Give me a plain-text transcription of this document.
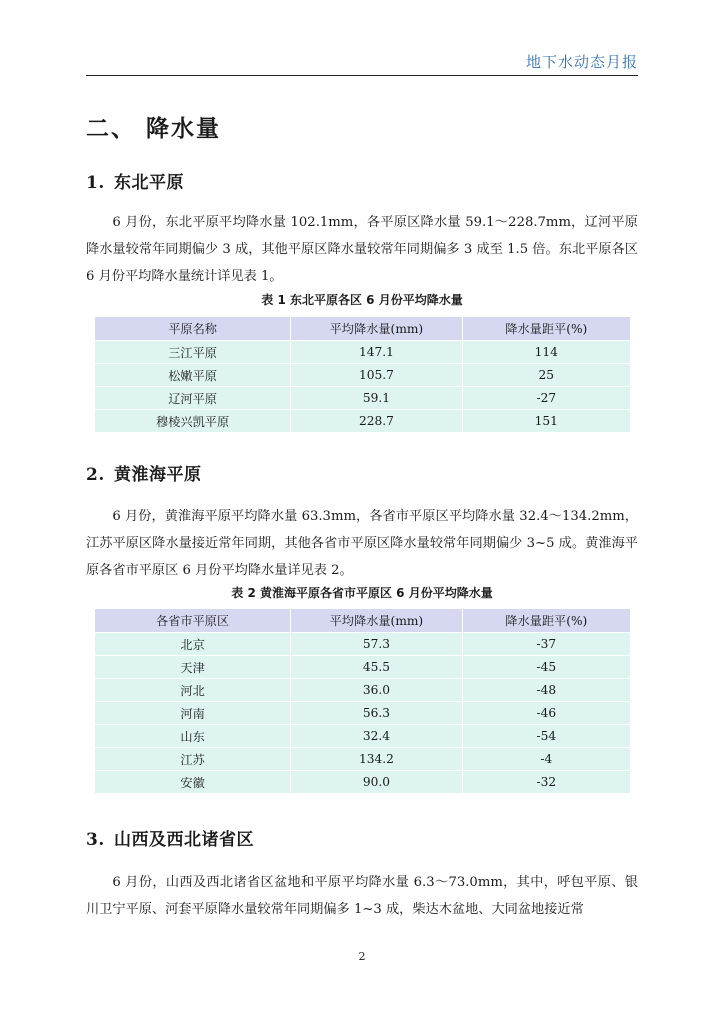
地下水动态月报
二、 降水量
1. 东北平原
6 月份，东北平原平均降水量 102.1mm，各平原区降水量 59.1～228.7mm，辽河平原降水量较常年同期偏少 3 成，其他平原区降水量较常年同期偏多 3 成至 1.5 倍。东北平原各区 6 月份平均降水量统计详见表 1。
表 1 东北平原各区 6 月份平均降水量
平原名称	平均降水量(mm)	降水量距平(%)
三江平原	147.1	114
松嫩平原	105.7	25
辽河平原	59.1	-27
穆棱兴凯平原	228.7	151
2. 黄淮海平原
6 月份，黄淮海平原平均降水量 63.3mm，各省市平原区平均降水量 32.4～134.2mm，江苏平原区降水量接近常年同期，其他各省市平原区降水量较常年同期偏少 3~5 成。黄淮海平原各省市平原区 6 月份平均降水量详见表 2。
表 2 黄淮海平原各省市平原区 6 月份平均降水量
各省市平原区	平均降水量(mm)	降水量距平(%)
北京	57.3	-37
天津	45.5	-45
河北	36.0	-48
河南	56.3	-46
山东	32.4	-54
江苏	134.2	-4
安徽	90.0	-32
3. 山西及西北诸省区
6 月份，山西及西北诸省区盆地和平原平均降水量 6.3～73.0mm，其中，呼包平原、银川卫宁平原、河套平原降水量较常年同期偏多 1~3 成，柴达木盆地、大同盆地接近常
2
